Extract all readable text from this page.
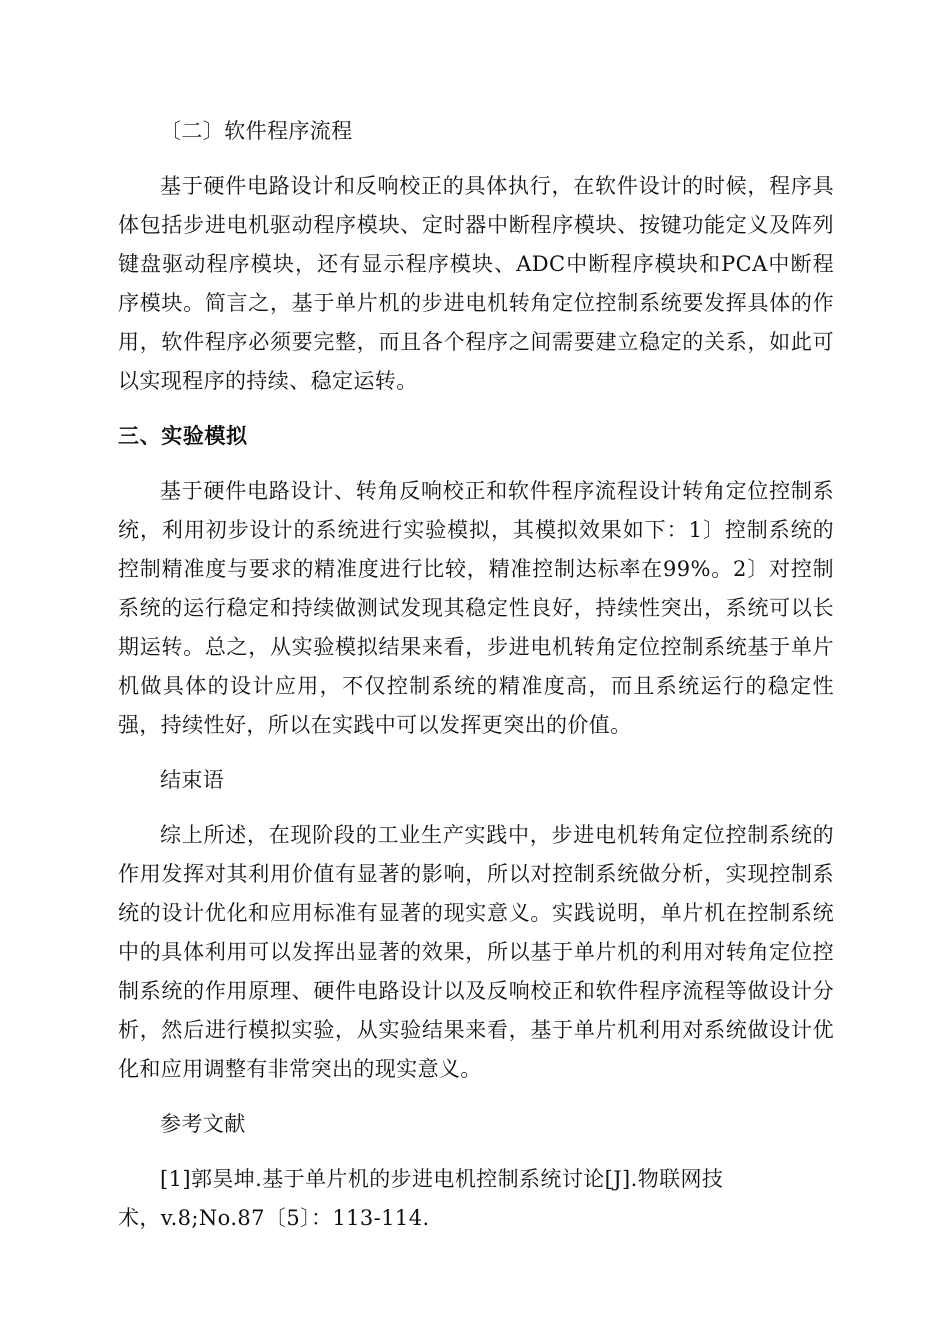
〔二〕软件程序流程

基于硬件电路设计和反响校正的具体执行，在软件设计的时候，程序具体包括步进电机驱动程序模块、定时器中断程序模块、按键功能定义及阵列键盘驱动程序模块，还有显示程序模块、ADC中断程序模块和PCA中断程序模块。简言之，基于单片机的步进电机转角定位控制系统要发挥具体的作用，软件程序必须要完整，而且各个程序之间需要建立稳定的关系，如此可以实现程序的持续、稳定运转。

三、实验模拟

基于硬件电路设计、转角反响校正和软件程序流程设计转角定位控制系统，利用初步设计的系统进行实验模拟，其模拟效果如下：1〕控制系统的控制精准度与要求的精准度进行比较，精准控制达标率在99%。2〕对控制系统的运行稳定和持续做测试发现其稳定性良好，持续性突出，系统可以长期运转。总之，从实验模拟结果来看，步进电机转角定位控制系统基于单片机做具体的设计应用，不仅控制系统的精准度高，而且系统运行的稳定性强，持续性好，所以在实践中可以发挥更突出的价值。

结束语

综上所述，在现阶段的工业生产实践中，步进电机转角定位控制系统的作用发挥对其利用价值有显著的影响，所以对控制系统做分析，实现控制系统的设计优化和应用标准有显著的现实意义。实践说明，单片机在控制系统中的具体利用可以发挥出显著的效果，所以基于单片机的利用对转角定位控制系统的作用原理、硬件电路设计以及反响校正和软件程序流程等做设计分析，然后进行模拟实验，从实验结果来看，基于单片机利用对系统做设计优化和应用调整有非常突出的现实意义。

参考文献

[1]郭昊坤.基于单片机的步进电机控制系统讨论[J].物联网技
术，v.8;No.87〔5〕：113-114.
